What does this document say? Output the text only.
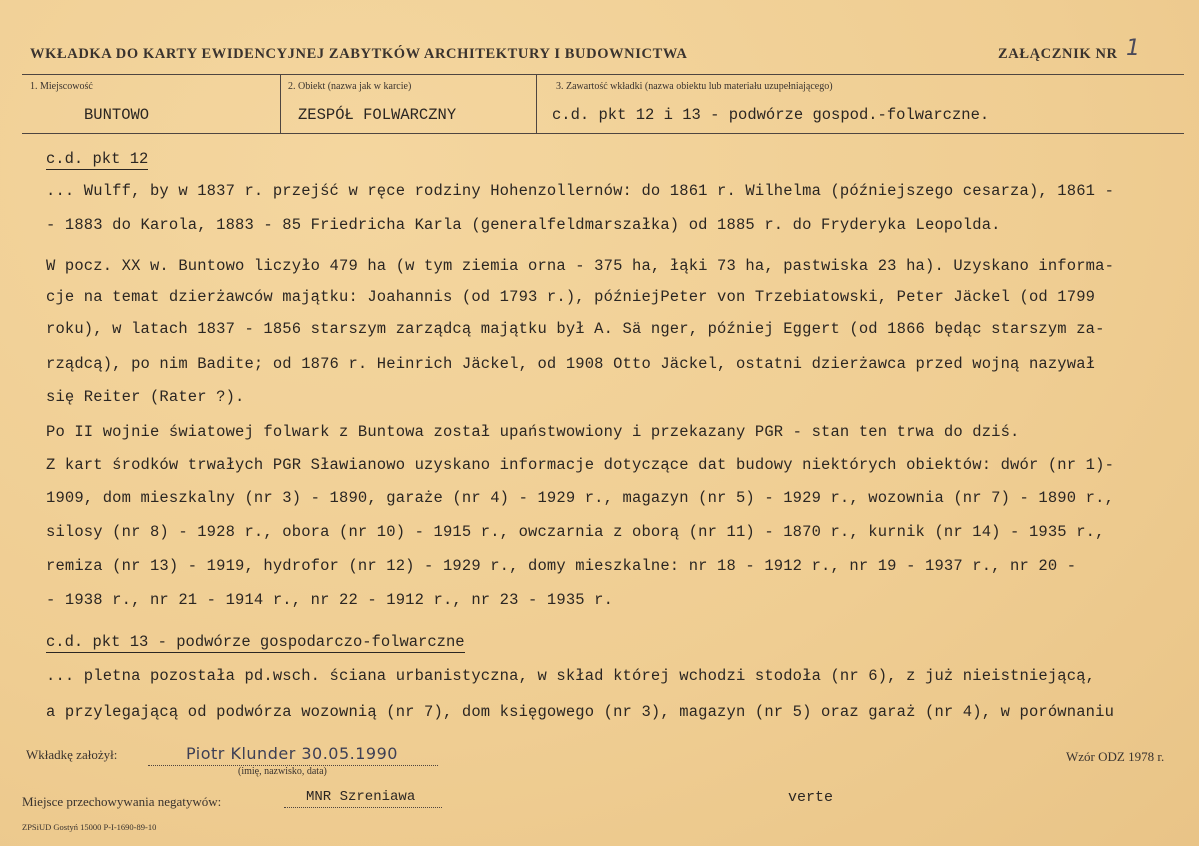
WKŁADKA DO KARTY EWIDENCYJNEJ ZABYTKÓW ARCHITEKTURY I BUDOWNICTWA	ZAŁĄCZNIK NR 1
1. Miejscowość	2. Obiekt (nazwa jak w karcie)	3. Zawartość wkładki (nazwa obiektu lub materiału uzupełniającego)
BUNTOWO	ZESPÓŁ FOLWARCZNY	c.d. pkt 12 i 13 - podwórze gospod.-folwarczne.
c.d. pkt 12
... Wulff, by w 1837 r. przejść w ręce rodziny Hohenzollernów: do 1861 r. Wilhelma (późniejszego cesarza), 1861 -
- 1883 do Karola, 1883 - 85 Friedricha Karla (generalfeldmarszałka) od 1885 r. do Fryderyka Leopolda.
W pocz. XX w. Buntowo liczyło 479 ha (w tym ziemia orna - 375 ha, łąki 73 ha, pastwiska 23 ha). Uzyskano informa-
cje na temat dzierżawców majątku: Joahannis (od 1793 r.), późniejPeter von Trzebiatowski, Peter Jäckel (od 1799
roku), w latach 1837 - 1856 starszym zarządcą majątku był A. Sä nger, później Eggert (od 1866 będąc starszym za-
rządcą), po nim Badite; od 1876 r. Heinrich Jäckel, od 1908 Otto Jäckel, ostatni dzierżawca przed wojną nazywał
się Reiter (Rater ?).
Po II wojnie światowej folwark z Buntowa został upaństwowiony i przekazany PGR - stan ten trwa do dziś.
Z kart środków trwałych PGR Sławianowo uzyskano informacje dotyczące dat budowy niektórych obiektów: dwór (nr 1)-
1909, dom mieszkalny (nr 3) - 1890, garaże (nr 4) - 1929 r., magazyn (nr 5) - 1929 r., wozownia (nr 7) - 1890 r.,
silosy (nr 8) - 1928 r., obora (nr 10) - 1915 r., owczarnia z oborą (nr 11) - 1870 r., kurnik (nr 14) - 1935 r.,
remiza (nr 13) - 1919, hydrofor (nr 12) - 1929 r., domy mieszkalne: nr 18 - 1912 r., nr 19 - 1937 r., nr 20 -
- 1938 r., nr 21 - 1914 r., nr 22 - 1912 r., nr 23 - 1935 r.
c.d. pkt 13 - podwórze gospodarczo-folwarczne
... pletna pozostała pd.wsch. ściana urbanistyczna, w skład której wchodzi stodoła (nr 6), z już nieistniejącą,
a przylegającą od podwórza wozownią (nr 7), dom księgowego (nr 3), magazyn (nr 5) oraz garaż (nr 4), w porównaniu
Wkładkę założył:	Piotr Klunder 30.05.1990
(imię, nazwisko, data)
Wzór ODZ 1978 r.
Miejsce przechowywania negatywów:	MNR Szreniawa	verte
ZPSiUD Gostyń 15000 P-I-1690-89-10
